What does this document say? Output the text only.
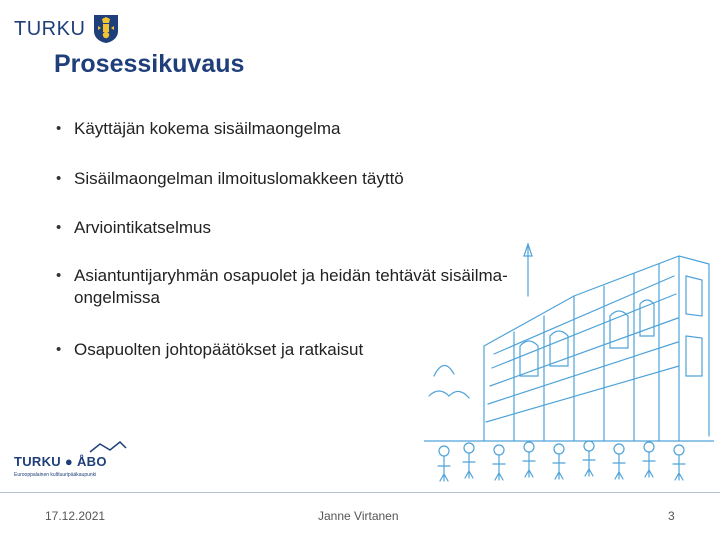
TURKU
Prosessikuvaus
• Käyttäjän kokema sisäilmaongelma
• Sisäilmaongelman ilmoituslomakkeen täyttö
• Arviointikatselmus
• Asiantuntijaryhmän osapuolet ja heidän tehtävät sisäilma-
ongelmissa
• Osapuolten johtopäätökset ja ratkaisut
TURKU ● ÅBO
Eurooppalainen kulttuuripääkaupunki
17.12.2021	Janne Virtanen	3
